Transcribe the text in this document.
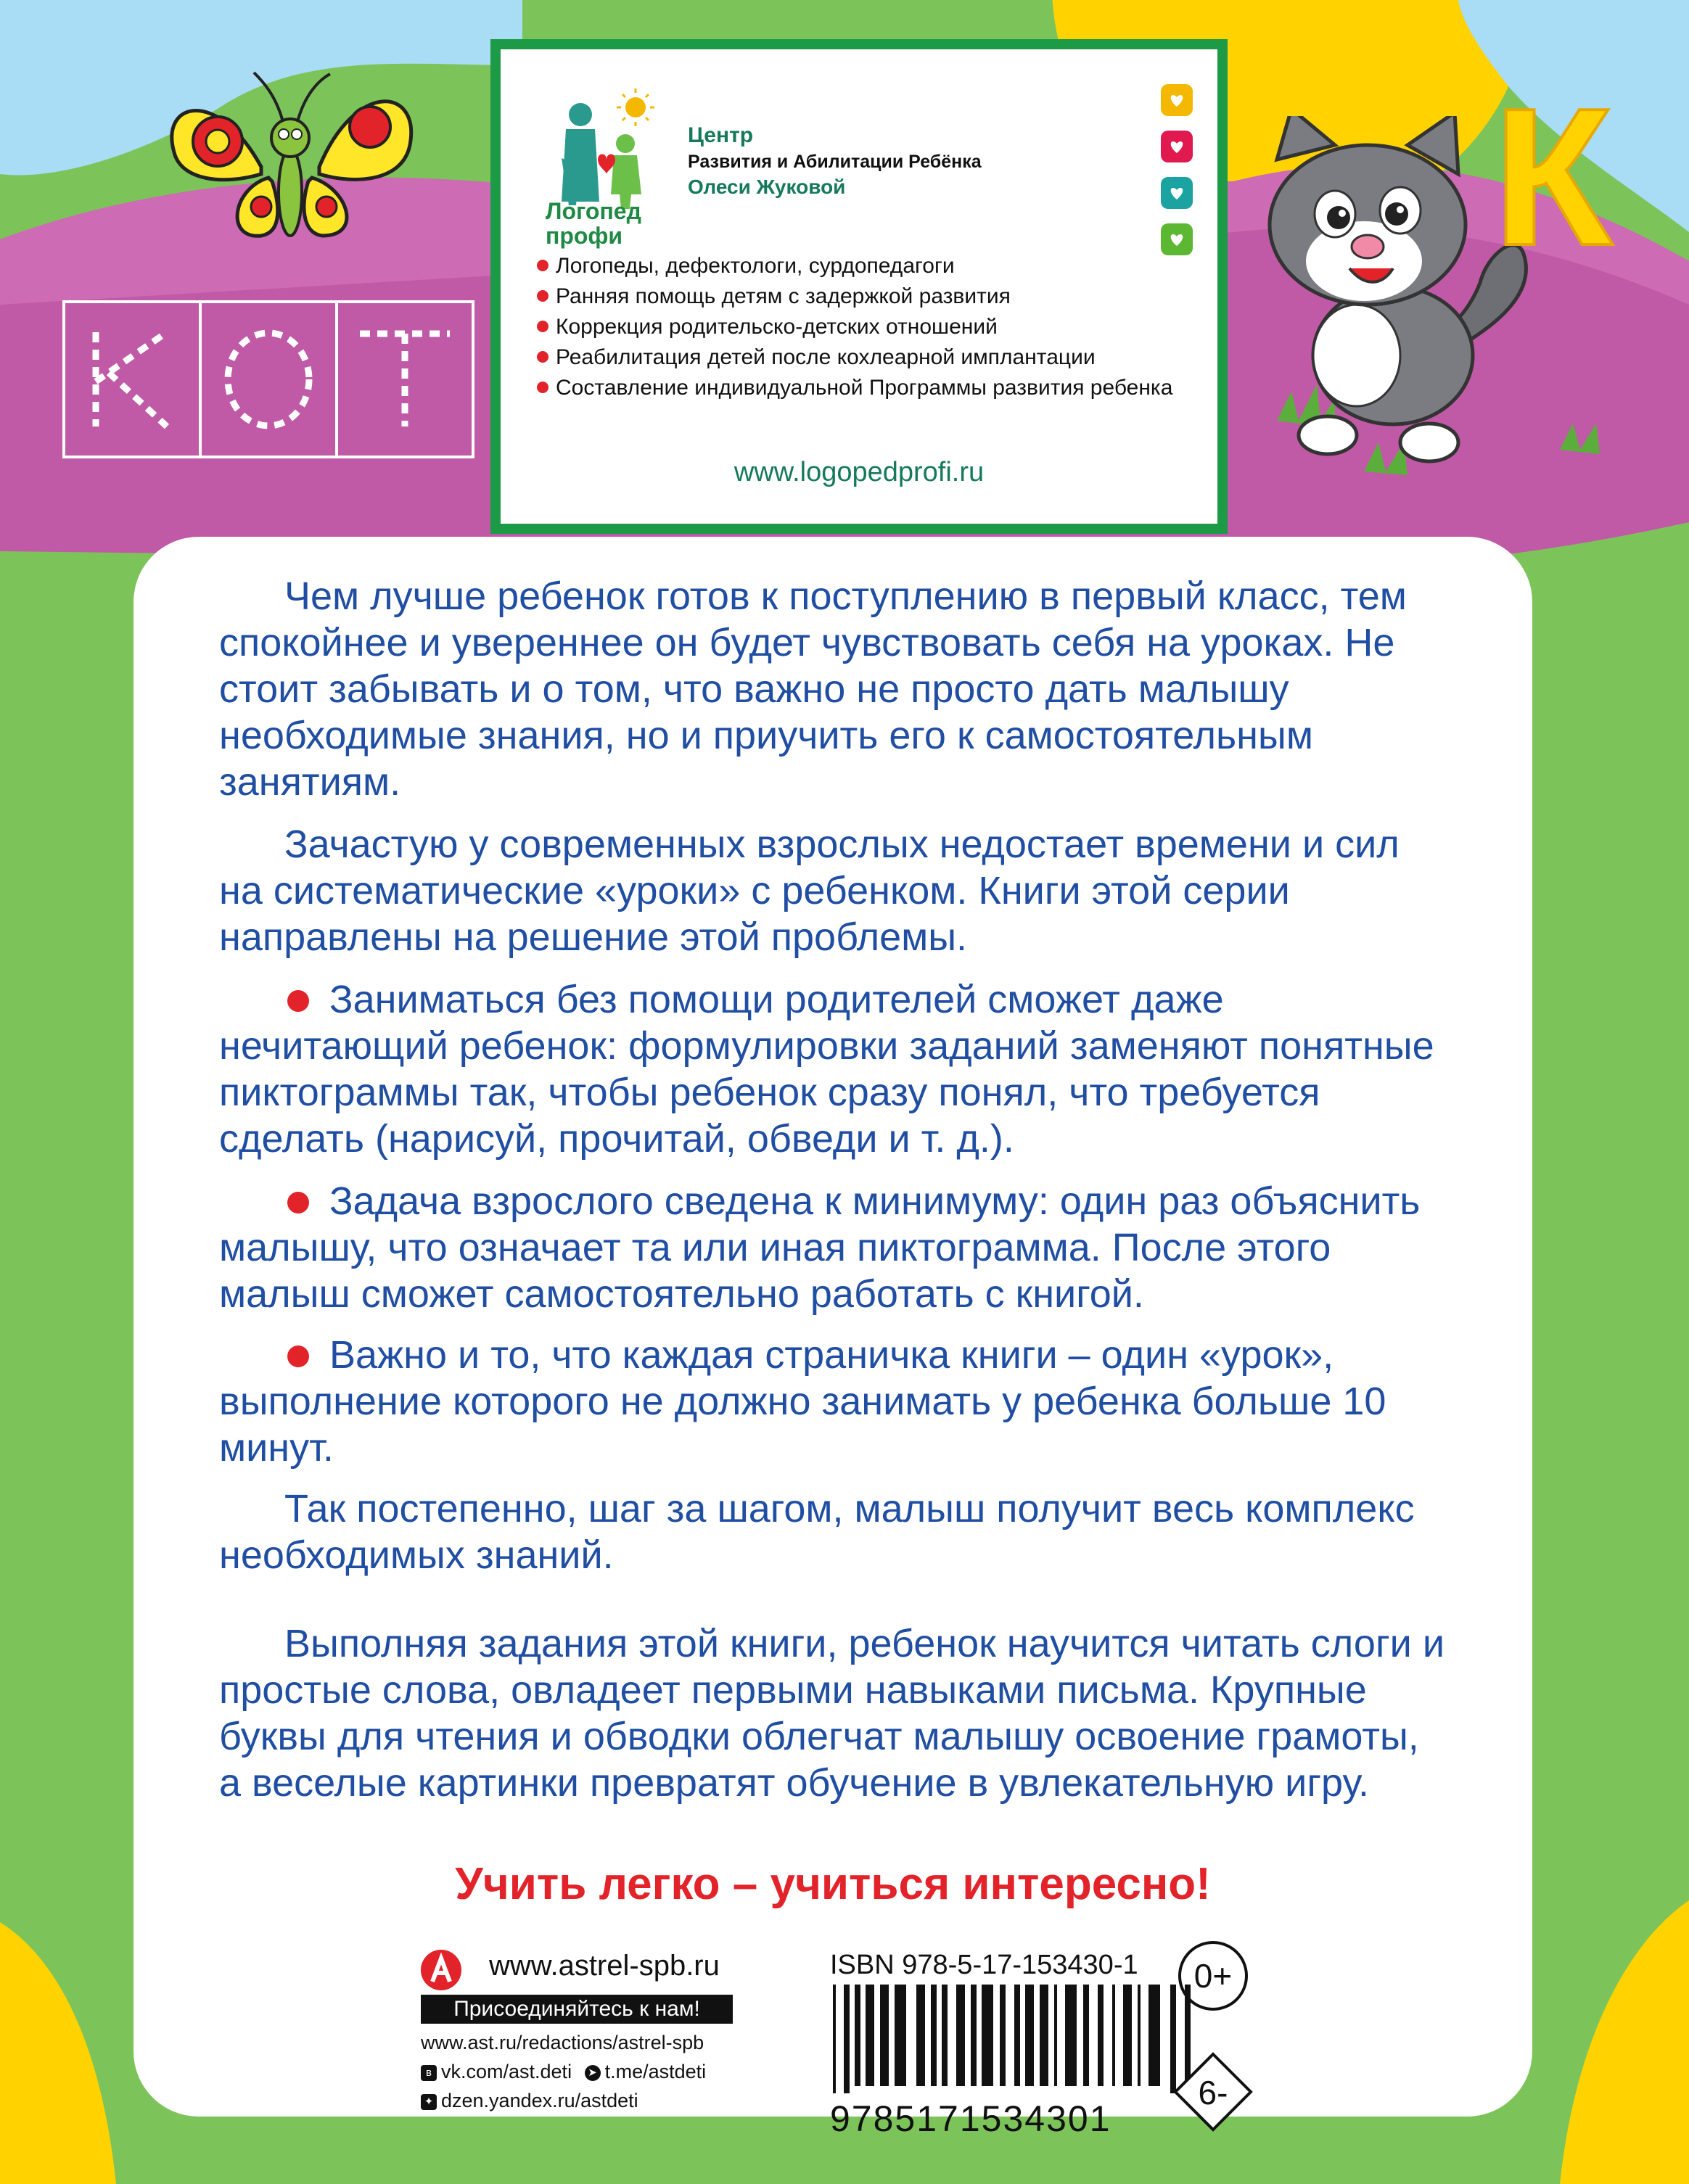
К
Логопед
профи
Центр
Развития и Абилитации Ребёнка
Олеси Жуковой
Логопеды, дефектологи, сурдопедагоги
Ранняя помощь детям с задержкой развития
Коррекция родительско-детских отношений
Реабилитация детей после кохлеарной имплантации
Составление индивидуальной Программы развития ребенка
www.logopedprofi.ru

Чем лучше ребенок готов к поступлению в первый класс, тем спокойнее и увереннее он будет чувствовать себя на уроках. Не стоит забывать и о том, что важно не просто дать малышу необходимые знания, но и приучить его к самостоятельным занятиям.

Зачастую у современных взрослых недостает времени и сил на систематические «уроки» с ребенком. Книги этой серии направлены на решение этой проблемы.

Заниматься без помощи родителей сможет даже нечитающий ребенок: формулировки заданий заменяют понятные пиктограммы так, чтобы ребенок сразу понял, что требуется сделать (нарисуй, прочитай, обведи и т. д.).

Задача взрослого сведена к минимуму: один раз объяснить малышу, что означает та или иная пиктограмма. После этого малыш сможет самостоятельно работать с книгой.

Важно и то, что каждая страничка книги – один «урок», выполнение которого не должно занимать у ребенка больше 10 минут.

Так постепенно, шаг за шагом, малыш получит весь комплекс необходимых знаний.

Выполняя задания этой книги, ребенок научится читать слоги и простые слова, овладеет первыми навыками письма. Крупные буквы для чтения и обводки облегчат малышу освоение грамоты, а веселые картинки превратят обучение в увлекательную игру.

Учить легко – учиться интересно!
www.astrel-spb.ru
Присоединяйтесь к нам!
www.ast.ru/redactions/astrel-spb
в vk.com/ast.deti ➤ t.me/astdeti
✦ dzen.yandex.ru/astdeti
ISBN 978-5-17-153430-1
9785171534301
0+
6-
